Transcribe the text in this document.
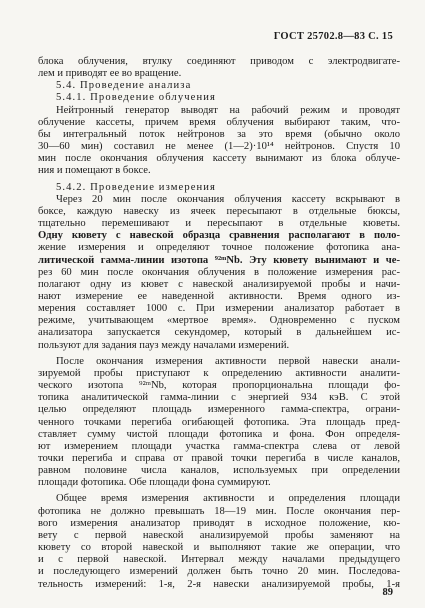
ГОСТ 25702.8—83 С. 15
блока облучения, втулку соединяют приводом с электродвигате-
лем и приводят ее во вращение.
5.4. Проведение анализа
5.4.1. Проведение облучения
Нейтронный генератор выводят на рабочий режим и проводят
облучение кассеты, причем время облучения выбирают таким, что-
бы интегральный поток нейтронов за это время (обычно около
30—60 мин) составил не менее (1—2)·10¹⁴ нейтронов. Спустя 10
мин после окончания облучения кассету вынимают из блока облуче-
ния и помещают в боксе.
5.4.2. Проведение измерения
Через 20 мин после окончания облучения кассету вскрывают в
боксе, каждую навеску из ячеек пересыпают в отдельные бюксы,
тщательно перемешивают и пересыпают в отдельные кюветы.
Одну кювету с навеской образца сравнения располагают в поло-
жение измерения и определяют точное положение фотопика ана-
литической гамма-линии изотопа ⁹²ᵐNb. Эту кювету вынимают и че-
рез 60 мин после окончания облучения в положение измерения рас-
полагают одну из кювет с навеской анализируемой пробы и начи-
нают измерение ее наведенной активности. Время одного из-
мерения составляет 1000 с. При измерении анализатор работает в
режиме, учитывающем «мертвое время». Одновременно с пуском
анализатора запускается секундомер, который в дальнейшем ис-
пользуют для задания пауз между началами измерений.
После окончания измерения активности первой навески анали-
зируемой пробы приступают к определению активности аналити-
ческого изотопа ⁹²ᵐNb, которая пропорциональна площади фо-
топика аналитической гамма-линии с энергией 934 кэВ. С этой
целью определяют площадь измеренного гамма-спектра, ограни-
ченного точками перегиба огибающей фотопика. Эта площадь пред-
ставляет сумму чистой площади фотопика и фона. Фон определя-
ют измерением площади участка гамма-спектра слева от левой
точки перегиба и справа от правой точки перегиба в числе каналов,
равном половине числа каналов, используемых при определении
площади фотопика. Обе площади фона суммируют.
Общее время измерения активности и определения площади
фотопика не должно превышать 18—19 мин. После окончания пер-
вого измерения анализатор приводят в исходное положение, кю-
вету с первой навеской анализируемой пробы заменяют на
кювету со второй навеской и выполняют такие же операции, что
и с первой навеской. Интервал между началами предыдущего
и последующего измерений должен быть точно 20 мин. Последова-
тельность измерений: 1-я, 2-я навески анализируемой пробы, 1-я
89
